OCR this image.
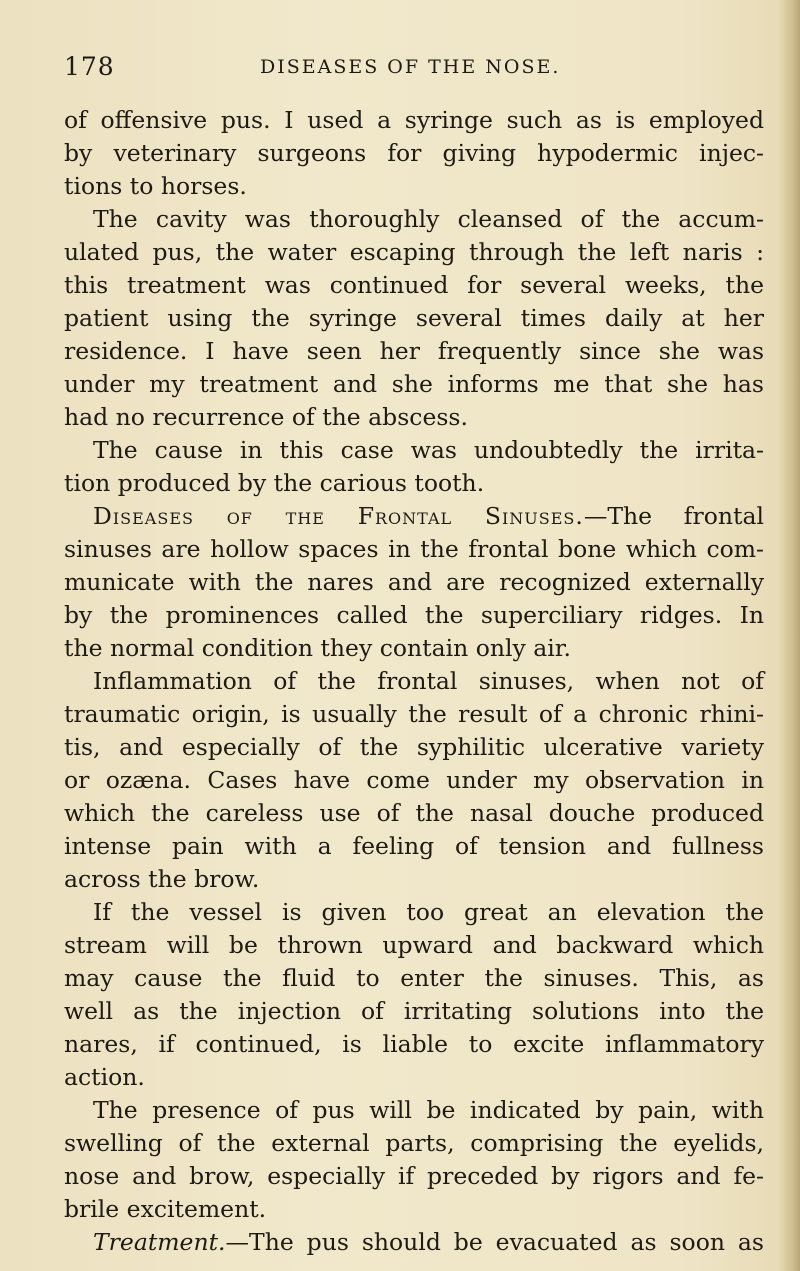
178	DISEASES OF THE NOSE.
of offensive pus. I used a syringe such as is employed
by veterinary surgeons for giving hypodermic injec-
tions to horses.
The cavity was thoroughly cleansed of the accum-
ulated pus, the water escaping through the left naris :
this treatment was continued for several weeks, the
patient using the syringe several times daily at her
residence. I have seen her frequently since she was
under my treatment and she informs me that she has
had no recurrence of the abscess.
The cause in this case was undoubtedly the irrita-
tion produced by the carious tooth.
Diseases of the Frontal Sinuses.—The frontal
sinuses are hollow spaces in the frontal bone which com-
municate with the nares and are recognized externally
by the prominences called the superciliary ridges. In
the normal condition they contain only air.
Inflammation of the frontal sinuses, when not of
traumatic origin, is usually the result of a chronic rhini-
tis, and especially of the syphilitic ulcerative variety
or ozæna. Cases have come under my observation in
which the careless use of the nasal douche produced
intense pain with a feeling of tension and fullness
across the brow.
If the vessel is given too great an elevation the
stream will be thrown upward and backward which
may cause the fluid to enter the sinuses. This, as
well as the injection of irritating solutions into the
nares, if continued, is liable to excite inflammatory
action.
The presence of pus will be indicated by pain, with
swelling of the external parts, comprising the eyelids,
nose and brow, especially if preceded by rigors and fe-
brile excitement.
Treatment.—The pus should be evacuated as soon as
